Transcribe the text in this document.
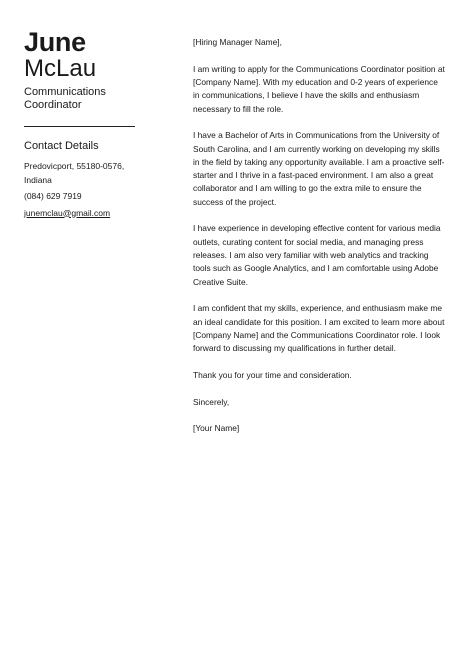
June
McLau
Communications Coordinator
Contact Details
Predovicport, 55180-0576,
Indiana
(084) 629 7919
junemclau@gmail.com

[Hiring Manager Name],

I am writing to apply for the Communications Coordinator position at [Company Name]. With my education and 0-2 years of experience in communications, I believe I have the skills and enthusiasm necessary to fill the role.

I have a Bachelor of Arts in Communications from the University of South Carolina, and I am currently working on developing my skills in the field by taking any opportunity available. I am a proactive self-starter and I thrive in a fast-paced environment. I am also a great collaborator and I am willing to go the extra mile to ensure the success of the project.

I have experience in developing effective content for various media outlets, curating content for social media, and managing press releases. I am also very familiar with web analytics and tracking tools such as Google Analytics, and I am comfortable using Adobe Creative Suite.

I am confident that my skills, experience, and enthusiasm make me an ideal candidate for this position. I am excited to learn more about [Company Name] and the Communications Coordinator role. I look forward to discussing my qualifications in further detail.

Thank you for your time and consideration.

Sincerely,

[Your Name]
